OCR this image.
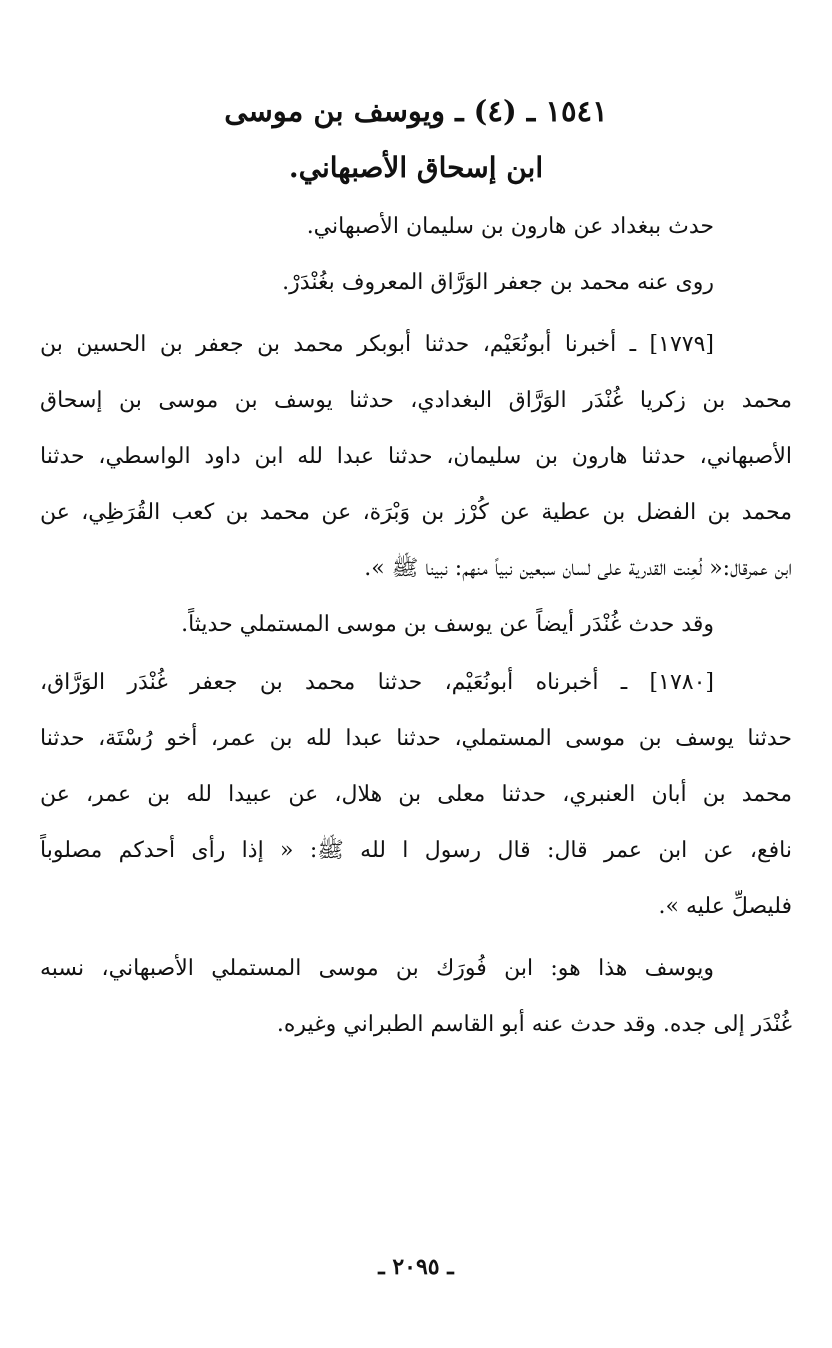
١٥٤١ ـ (٤) ـ ويوسف بن موسى
ابن إسحاق الأصبهاني.
حدث ببغداد عن هارون بن سليمان الأصبهاني.
روى عنه محمد بن جعفر الوَرَّاق المعروف بغُنْدَرْ.
[١٧٧٩] ـ أخبرنا أبونُعَيْم، حدثنا أبوبكر محمد بن جعفر بن الحسين بن
محمد بن زكريا غُنْدَر الوَرَّاق البغدادي، حدثنا يوسف بن موسى بن إسحاق
الأصبهاني، حدثنا هارون بن سليمان، حدثنا عبدا لله ابن داود الواسطي، حدثنا
محمد بن الفضل بن عطية عن كُرْز بن وَبْرَة، عن محمد بن كعب القُرَظِي، عن
ابن عمرقال:« لُعِنت القدرية على لسان سبعين نبياً منهم: نبينا ﷺ ».
وقد حدث غُنْدَر أيضاً عن يوسف بن موسى المستملي حديثاً.
[١٧٨٠] ـ أخبرناه أبونُعَيْم، حدثنا محمد بن جعفر غُنْدَر الوَرَّاق،
حدثنا يوسف بن موسى المستملي، حدثنا عبدا لله بن عمر، أخو رُسْتَة، حدثنا
محمد بن أبان العنبري، حدثنا معلى بن هلال، عن عبيدا لله بن عمر، عن
نافع، عن ابن عمر قال: قال رسول ا لله ﷺ: « إذا رأى أحدكم مصلوباً
فليصلِّ عليه ».
ويوسف هذا هو: ابن فُورَك بن موسى المستملي الأصبهاني، نسبه
غُنْدَر إلى جده. وقد حدث عنه أبو القاسم الطبراني وغيره.
ـ ٢٠٩٥ ـ
